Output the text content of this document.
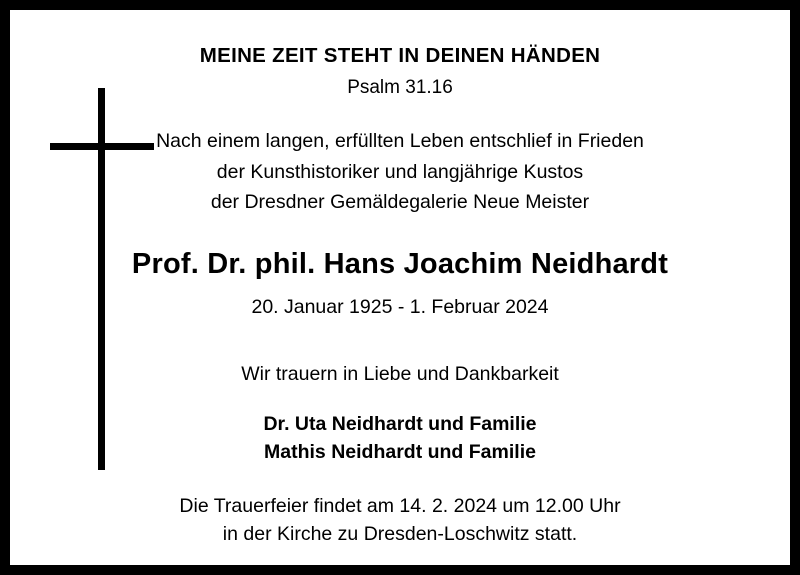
MEINE ZEIT STEHT IN DEINEN HÄNDEN
Psalm 31.16
Nach einem langen, erfüllten Leben entschlief in Frieden
der Kunsthistoriker und langjährige Kustos
der Dresdner Gemäldegalerie Neue Meister
Prof. Dr. phil. Hans Joachim Neidhardt
20. Januar 1925 - 1. Februar 2024
Wir trauern in Liebe und Dankbarkeit
Dr. Uta Neidhardt und Familie
Mathis Neidhardt und Familie
Die Trauerfeier findet am 14. 2. 2024 um 12.00 Uhr
in der Kirche zu Dresden-Loschwitz statt.
